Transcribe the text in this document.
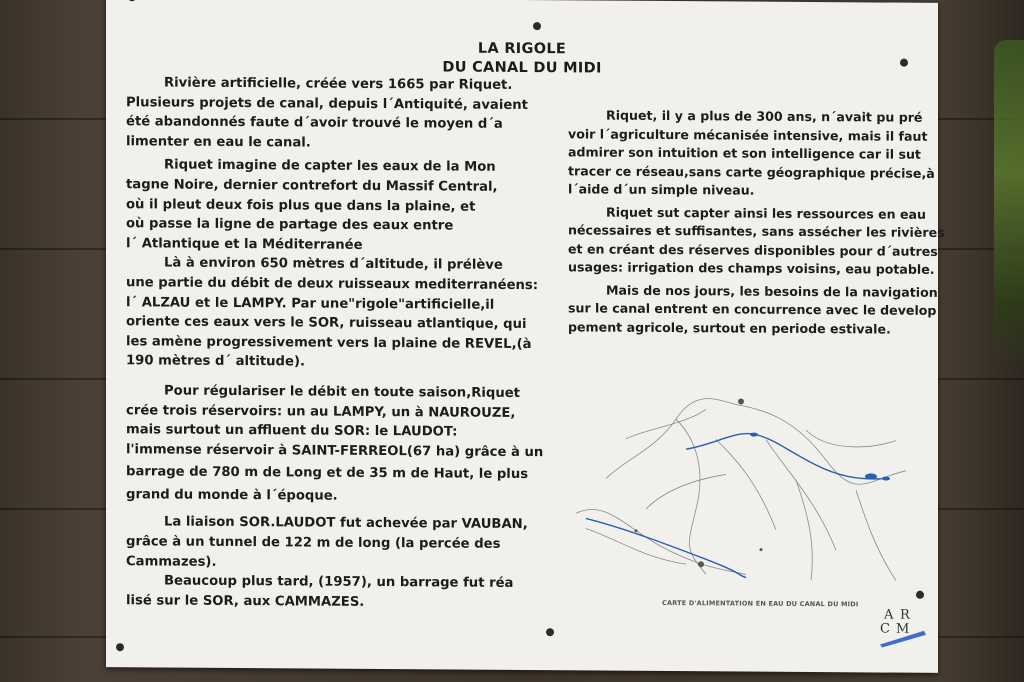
LA RIGOLE
DU CANAL DU MIDI

Rivière artificielle, créée vers 1665 par Riquet.
Plusieurs projets de canal, depuis l´Antiquité, avaient
été abandonnés faute d´avoir trouvé le moyen d´a
limenter en eau le canal.

Riquet imagine de capter les eaux de la Mon
tagne Noire, dernier contrefort du Massif Central,
où il pleut deux fois plus que dans la plaine, et
où passe la ligne de partage des eaux entre
l´ Atlantique et la Méditerranée
Là à environ 650 mètres d´altitude, il prélève
une partie du débit de deux ruisseaux mediterranéens:
l´ ALZAU et le LAMPY. Par une"rigole"artificielle,il
oriente ces eaux vers le SOR, ruisseau atlantique, qui
les amène progressivement vers la plaine de REVEL,(à
190 mètres d´ altitude).

Pour régulariser le débit en toute saison,Riquet
crée trois réservoirs: un au LAMPY, un à NAUROUZE,
mais surtout un affluent du SOR: le LAUDOT:
l'immense réservoir à SAINT-FERREOL(67 ha) grâce à un
barrage de 780 m de Long et de 35 m de Haut, le plus
grand du monde à l´époque.

La liaison SOR.LAUDOT fut achevée par VAUBAN,
grâce à un tunnel de 122 m de long (la percée des
Cammazes).
Beaucoup plus tard, (1957), un barrage fut réa
lisé sur le SOR, aux CAMMAZES.

Riquet, il y a plus de 300 ans, n´avait pu pré
voir l´agriculture mécanisée intensive, mais il faut
admirer son intuition et son intelligence car il sut
tracer ce réseau,sans carte géographique précise,à
l´aide d´un simple niveau.

Riquet sut capter ainsi les ressources en eau
nécessaires et suffisantes, sans assécher les rivières
et en créant des réserves disponibles pour d´autres
usages: irrigation des champs voisins, eau potable.

Mais de nos jours, les besoins de la navigation
sur le canal entrent en concurrence avec le develop
pement agricole, surtout en periode estivale.

CARTE D'ALIMENTATION EN EAU DU CANAL DU MIDI
A R
C M
